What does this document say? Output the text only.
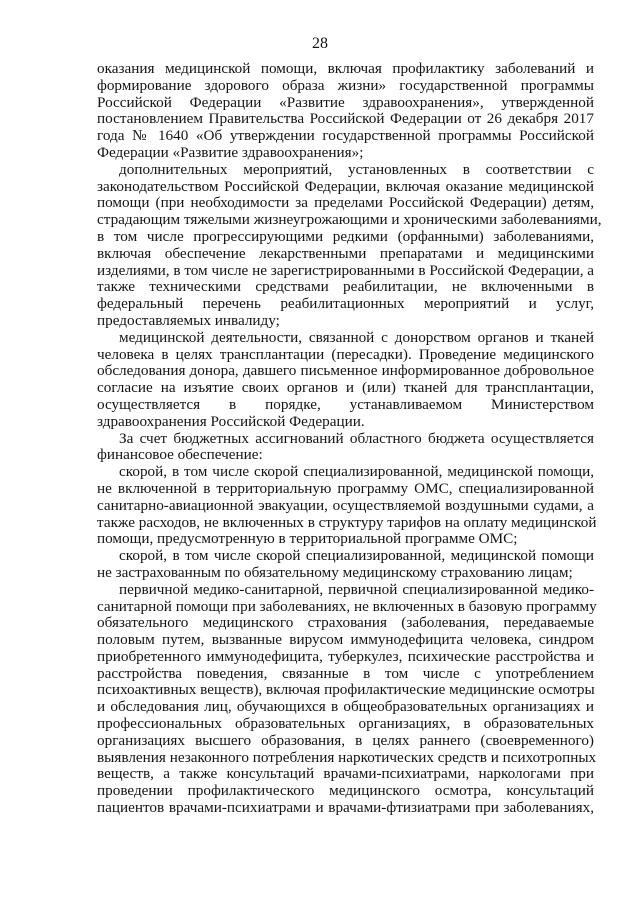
28
оказания медицинской помощи, включая профилактику заболеваний и
формирование здорового образа жизни» государственной программы
Российской Федерации «Развитие здравоохранения», утвержденной
постановлением Правительства Российской Федерации от 26 декабря 2017
года № 1640 «Об утверждении государственной программы Российской
Федерации «Развитие здравоохранения»;
дополнительных мероприятий, установленных в соответствии с
законодательством Российской Федерации, включая оказание медицинской
помощи (при необходимости за пределами Российской Федерации) детям,
страдающим тяжелыми жизнеугрожающими и хроническими заболеваниями,
в том числе прогрессирующими редкими (орфанными) заболеваниями,
включая обеспечение лекарственными препаратами и медицинскими
изделиями, в том числе не зарегистрированными в Российской Федерации, а
также техническими средствами реабилитации, не включенными в
федеральный перечень реабилитационных мероприятий и услуг,
предоставляемых инвалиду;
медицинской деятельности, связанной с донорством органов и тканей
человека в целях трансплантации (пересадки). Проведение медицинского
обследования донора, давшего письменное информированное добровольное
согласие на изъятие своих органов и (или) тканей для трансплантации,
осуществляется в порядке, устанавливаемом Министерством
здравоохранения Российской Федерации.
За счет бюджетных ассигнований областного бюджета осуществляется
финансовое обеспечение:
скорой, в том числе скорой специализированной, медицинской помощи,
не включенной в территориальную программу ОМС, специализированной
санитарно-авиационной эвакуации, осуществляемой воздушными судами, а
также расходов, не включенных в структуру тарифов на оплату медицинской
помощи, предусмотренную в территориальной программе ОМС;
скорой, в том числе скорой специализированной, медицинской помощи
не застрахованным по обязательному медицинскому страхованию лицам;
первичной медико-санитарной, первичной специализированной медико-
санитарной помощи при заболеваниях, не включенных в базовую программу
обязательного медицинского страхования (заболевания, передаваемые
половым путем, вызванные вирусом иммунодефицита человека, синдром
приобретенного иммунодефицита, туберкулез, психические расстройства и
расстройства поведения, связанные в том числе с употреблением
психоактивных веществ), включая профилактические медицинские осмотры
и обследования лиц, обучающихся в общеобразовательных организациях и
профессиональных образовательных организациях, в образовательных
организациях высшего образования, в целях раннего (своевременного)
выявления незаконного потребления наркотических средств и психотропных
веществ, а также консультаций врачами-психиатрами, наркологами при
проведении профилактического медицинского осмотра, консультаций
пациентов врачами-психиатрами и врачами-фтизиатрами при заболеваниях,
